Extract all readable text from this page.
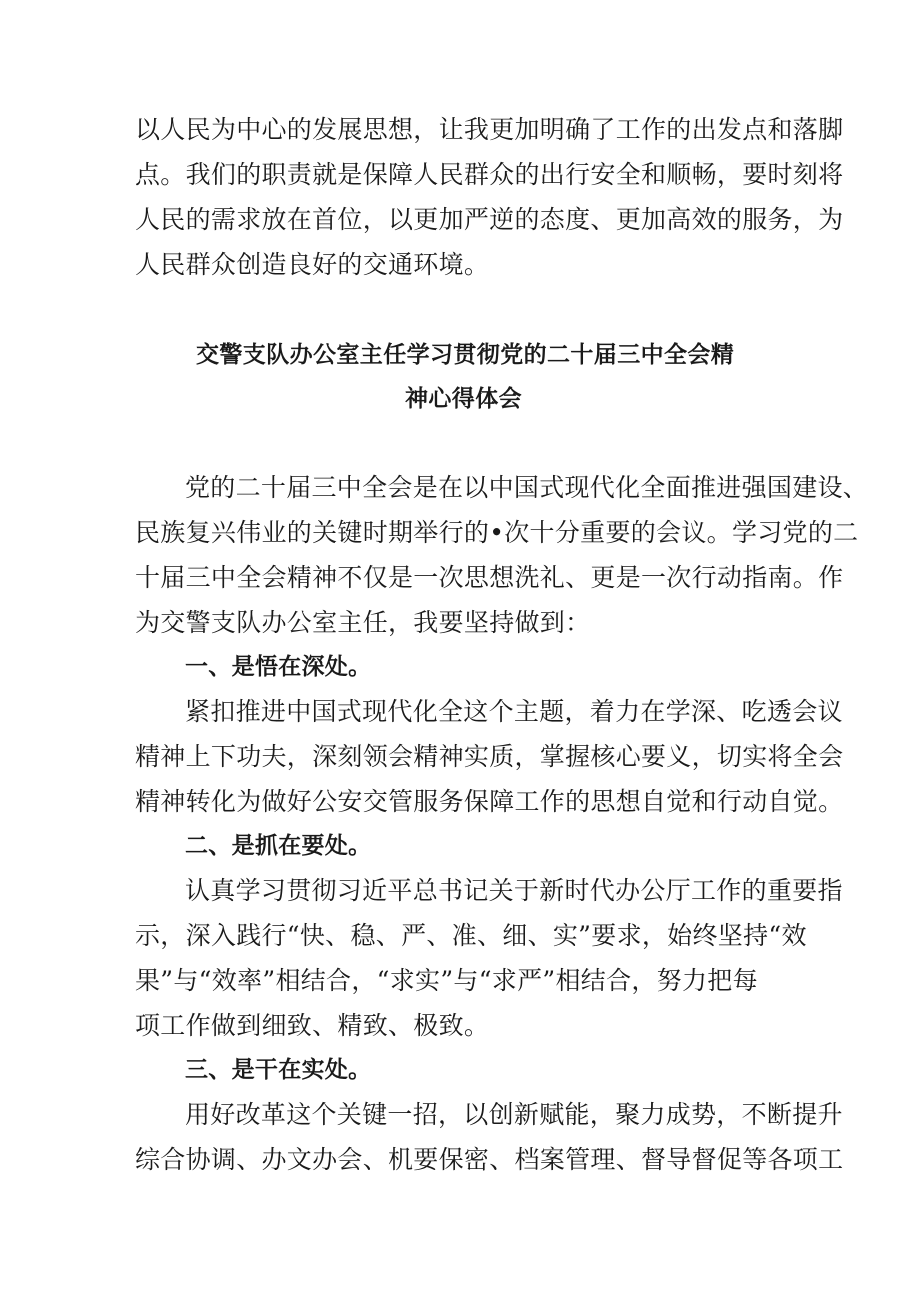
以人民为中心的发展思想，让我更加明确了工作的出发点和落脚
点。我们的职责就是保障人民群众的出行安全和顺畅，要时刻将
人民的需求放在首位，以更加严逆的态度、更加高效的服务，为
人民群众创造良好的交通环境。
交警支队办公室主任学习贯彻党的二十届三中全会精
神心得体会
党的二十届三中全会是在以中国式现代化全面推进强国建设、
民族复兴伟业的关键时期举行的•次十分重要的会议。学习党的二
十届三中全会精神不仅是一次思想洗礼、更是一次行动指南。作
为交警支队办公室主任，我要坚持做到：
一、是悟在深处。
紧扣推进中国式现代化全这个主题，着力在学深、吃透会议
精神上下功夫，深刻领会精神实质，掌握核心要义，切实将全会
精神转化为做好公安交管服务保障工作的思想自觉和行动自觉。
二、是抓在要处。
认真学习贯彻习近平总书记关于新时代办公厅工作的重要指
示，深入践行“快、稳、严、准、细、实”要求，始终坚持“效
果”与“效率”相结合，“求实”与“求严”相结合，努力把每
项工作做到细致、精致、极致。
三、是干在实处。
用好改革这个关键一招，以创新赋能，聚力成势，不断提升
综合协调、办文办会、机要保密、档案管理、督导督促等各项工
